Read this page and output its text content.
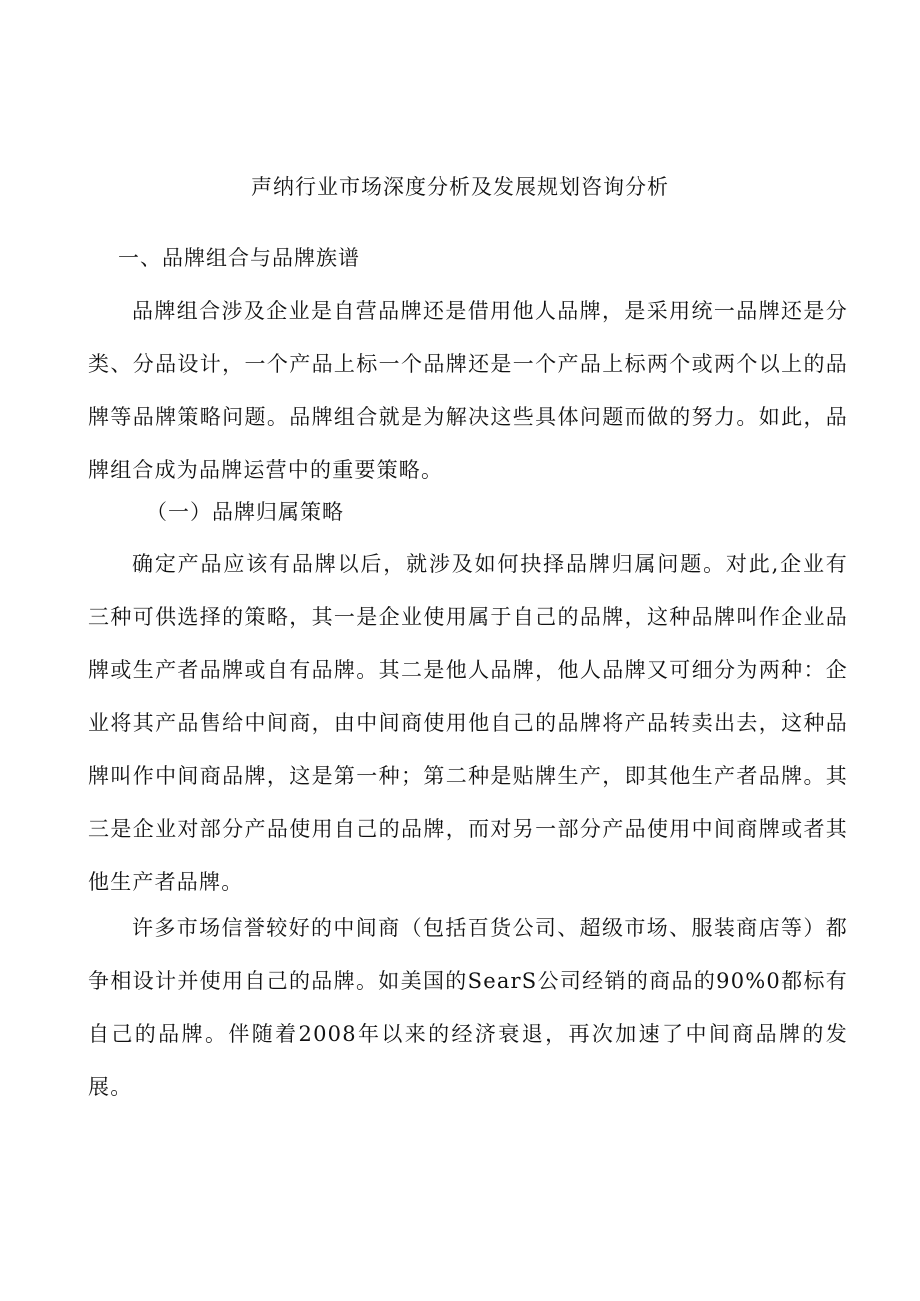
声纳行业市场深度分析及发展规划咨询分析
一、品牌组合与品牌族谱

品牌组合涉及企业是自营品牌还是借用他人品牌，是采用统一品牌还是分类、分品设计，一个产品上标一个品牌还是一个产品上标两个或两个以上的品牌等品牌策略问题。品牌组合就是为解决这些具体问题而做的努力。如此，品牌组合成为品牌运营中的重要策略。

（一）品牌归属策略

确定产品应该有品牌以后，就涉及如何抉择品牌归属问题。对此,企业有三种可供选择的策略，其一是企业使用属于自己的品牌，这种品牌叫作企业品牌或生产者品牌或自有品牌。其二是他人品牌，他人品牌又可细分为两种：企业将其产品售给中间商，由中间商使用他自己的品牌将产品转卖出去，这种品牌叫作中间商品牌，这是第一种；第二种是贴牌生产，即其他生产者品牌。其三是企业对部分产品使用自己的品牌，而对另一部分产品使用中间商牌或者其他生产者品牌。

许多市场信誉较好的中间商（包括百货公司、超级市场、服装商店等）都争相设计并使用自己的品牌。如美国的SearS公司经销的商品的90%0都标有自己的品牌。伴随着2008年以来的经济衰退，再次加速了中间商品牌的发展。
